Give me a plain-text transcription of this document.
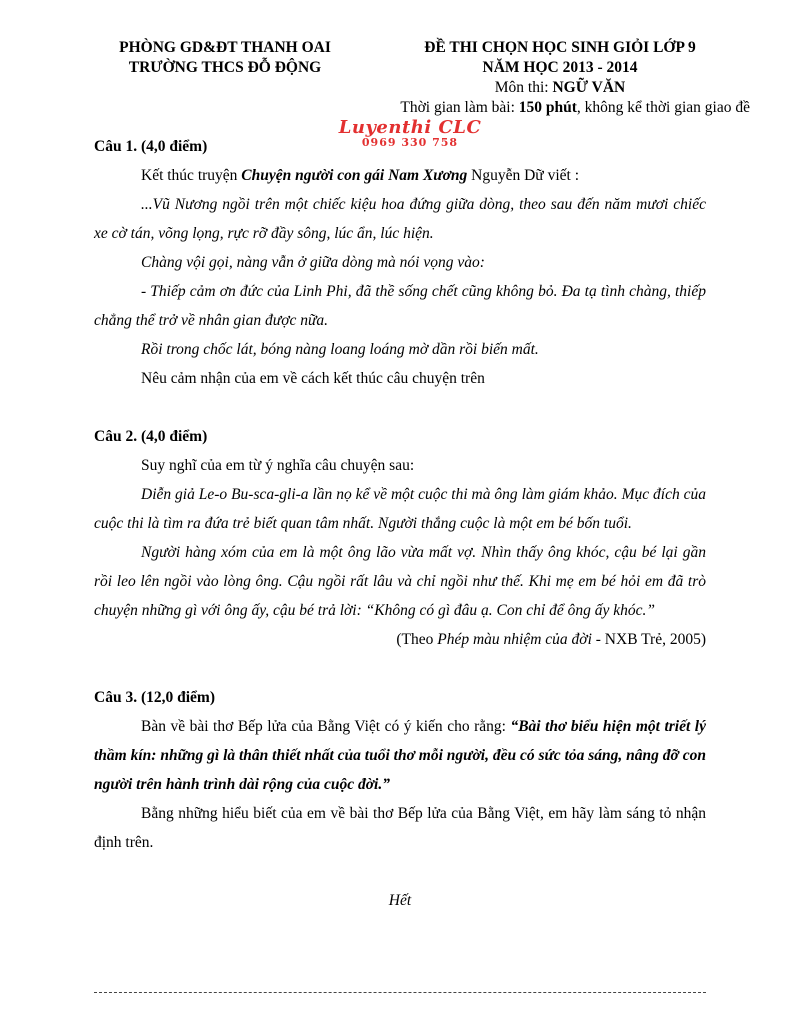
PHÒNG GD&ĐT THANH OAI
TRƯỜNG THCS ĐỖ ĐỘNG
ĐỀ THI CHỌN HỌC SINH GIỎI LỚP 9
NĂM HỌC 2013 - 2014
Môn thi: NGỮ VĂN
Thời gian làm bài: 150 phút, không kể thời gian giao đề
Luyenthi CLC
0969 330 758

Câu 1. (4,0 điểm)

Kết thúc truyện Chuyện người con gái Nam Xương Nguyễn Dữ viết :

...Vũ Nương ngồi trên một chiếc kiệu hoa đứng giữa dòng, theo sau đến năm mươi chiếc xe cờ tán, võng lọng, rực rỡ đầy sông, lúc ẩn, lúc hiện.

Chàng vội gọi, nàng vẫn ở giữa dòng mà nói vọng vào:

- Thiếp cảm ơn đức của Linh Phi, đã thề sống chết cũng không bỏ. Đa tạ tình chàng, thiếp chẳng thể trở về nhân gian được nữa.

Rồi trong chốc lát, bóng nàng loang loáng mờ dần rồi biến mất.

Nêu cảm nhận của em về cách kết thúc câu chuyện trên

Câu 2. (4,0 điểm)

Suy nghĩ của em từ ý nghĩa câu chuyện sau:

Diễn giả Le-o Bu-sca-gli-a lần nọ kể về một cuộc thi mà ông làm giám khảo. Mục đích của cuộc thi là tìm ra đứa trẻ biết quan tâm nhất. Người thắng cuộc là một em bé bốn tuổi.

Người hàng xóm của em là một ông lão vừa mất vợ. Nhìn thấy ông khóc, cậu bé lại gần rồi leo lên ngồi vào lòng ông. Cậu ngồi rất lâu và chỉ ngồi như thế. Khi mẹ em bé hỏi em đã trò chuyện những gì với ông ấy, cậu bé trả lời: “Không có gì đâu ạ. Con chỉ để ông ấy khóc.”

(Theo Phép màu nhiệm của đời - NXB Trẻ, 2005)

Câu 3. (12,0 điểm)

Bàn về bài thơ Bếp lửa của Bằng Việt có ý kiến cho rằng: “Bài thơ biểu hiện một triết lý thầm kín: những gì là thân thiết nhất của tuổi thơ mỗi người, đều có sức tỏa sáng, nâng đỡ con người trên hành trình dài rộng của cuộc đời.”

Bằng những hiểu biết của em về bài thơ Bếp lửa của Bằng Việt, em hãy làm sáng tỏ nhận định trên.

Hết
